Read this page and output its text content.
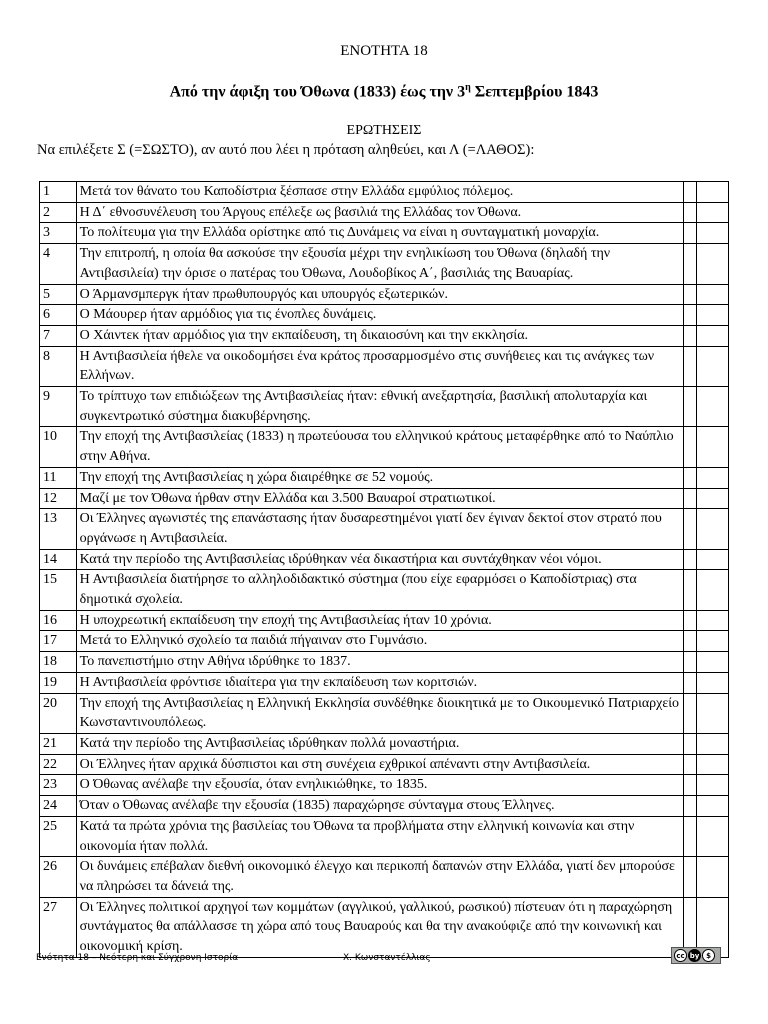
ΕΝΟΤΗΤΑ 18
Από την άφιξη του Όθωνα (1833) έως την $3^\eta$ Σεπτεμβρίου 1843
ΕΡΩΤΗΣΕΙΣ
Να επιλέξετε Σ (=ΣΩΣΤΟ), αν αυτό που λέει η πρόταση αληθεύει, και Λ (=ΛΑΘΟΣ):
1	Μετά τον θάνατο του Καποδίστρια ξέσπασε στην Ελλάδα εμφύλιος πόλεμος.		
2	Η Δ΄ εθνοσυνέλευση του Άργους επέλεξε ως βασιλιά της Ελλάδας τον Όθωνα.		
3	Το πολίτευμα για την Ελλάδα ορίστηκε από τις Δυνάμεις να είναι η συνταγματική μοναρχία.		
4	Την επιτροπή, η οποία θα ασκούσε την εξουσία μέχρι την ενηλικίωση του Όθωνα (δηλαδή την Αντιβασιλεία) την όρισε ο πατέρας του Όθωνα, Λουδοβίκος Α΄, βασιλιάς της Βαυαρίας.		
5	Ο Άρμανσμπεργκ ήταν πρωθυπουργός και υπουργός εξωτερικών.		
6	Ο Μάουρερ ήταν αρμόδιος για τις ένοπλες δυνάμεις.		
7	Ο Χάιντεκ ήταν αρμόδιος για την εκπαίδευση, τη δικαιοσύνη και την εκκλησία.		
8	Η Αντιβασιλεία ήθελε να οικοδομήσει ένα κράτος προσαρμοσμένο στις συνήθειες και τις ανάγκες των Ελλήνων.		
9	Το τρίπτυχο των επιδιώξεων της Αντιβασιλείας ήταν: εθνική ανεξαρτησία, βασιλική απολυταρχία και συγκεντρωτικό σύστημα διακυβέρνησης.		
10	Την εποχή της Αντιβασιλείας (1833) η πρωτεύουσα του ελληνικού κράτους μεταφέρθηκε από το Ναύπλιο στην Αθήνα.		
11	Την εποχή της Αντιβασιλείας η χώρα διαιρέθηκε σε 52 νομούς.		
12	Μαζί με τον Όθωνα ήρθαν στην Ελλάδα και 3.500 Βαυαροί στρατιωτικοί.		
13	Οι Έλληνες αγωνιστές της επανάστασης ήταν δυσαρεστημένοι γιατί δεν έγιναν δεκτοί στον στρατό που οργάνωσε η Αντιβασιλεία.		
14	Κατά την περίοδο της Αντιβασιλείας ιδρύθηκαν νέα δικαστήρια και συντάχθηκαν νέοι νόμοι.		
15	Η Αντιβασιλεία διατήρησε το αλληλοδιδακτικό σύστημα (που είχε εφαρμόσει ο Καποδίστριας) στα δημοτικά σχολεία.		
16	Η υποχρεωτική εκπαίδευση την εποχή της Αντιβασιλείας ήταν 10 χρόνια.		
17	Μετά το Ελληνικό σχολείο τα παιδιά πήγαιναν στο Γυμνάσιο.		
18	Το πανεπιστήμιο στην Αθήνα ιδρύθηκε το 1837.		
19	Η Αντιβασιλεία φρόντισε ιδιαίτερα για την εκπαίδευση των κοριτσιών.		
20	Την εποχή της Αντιβασιλείας η Ελληνική Εκκλησία συνδέθηκε διοικητικά με το Οικουμενικό Πατριαρχείο Κωνσταντινουπόλεως.		
21	Κατά την περίοδο της Αντιβασιλείας ιδρύθηκαν πολλά μοναστήρια.		
22	Οι Έλληνες ήταν αρχικά δύσπιστοι και στη συνέχεια εχθρικοί απέναντι στην Αντιβασιλεία.		
23	Ο Όθωνας ανέλαβε την εξουσία, όταν ενηλικιώθηκε, το 1835.		
24	Όταν ο Όθωνας ανέλαβε την εξουσία (1835) παραχώρησε σύνταγμα στους Έλληνες.		
25	Κατά τα πρώτα χρόνια της βασιλείας του Όθωνα τα προβλήματα στην ελληνική κοινωνία και στην οικονομία ήταν πολλά.		
26	Οι δυνάμεις επέβαλαν διεθνή οικονομικό έλεγχο και περικοπή δαπανών στην Ελλάδα, γιατί δεν μπορούσε να πληρώσει τα δάνειά της.		
27	Οι Έλληνες πολιτικοί αρχηγοί των κομμάτων (αγγλικού, γαλλικού, ρωσικού) πίστευαν ότι η παραχώρηση συντάγματος θα απάλλασσε τη χώρα από τους Βαυαρούς και θα την ανακούφιζε από την κοινωνική και οικονομική κρίση.		
Ενότητα 18 – Νεότερη και Σύγχρονη Ιστορία	Χ. Κωνσταντέλλιας	cc by $
